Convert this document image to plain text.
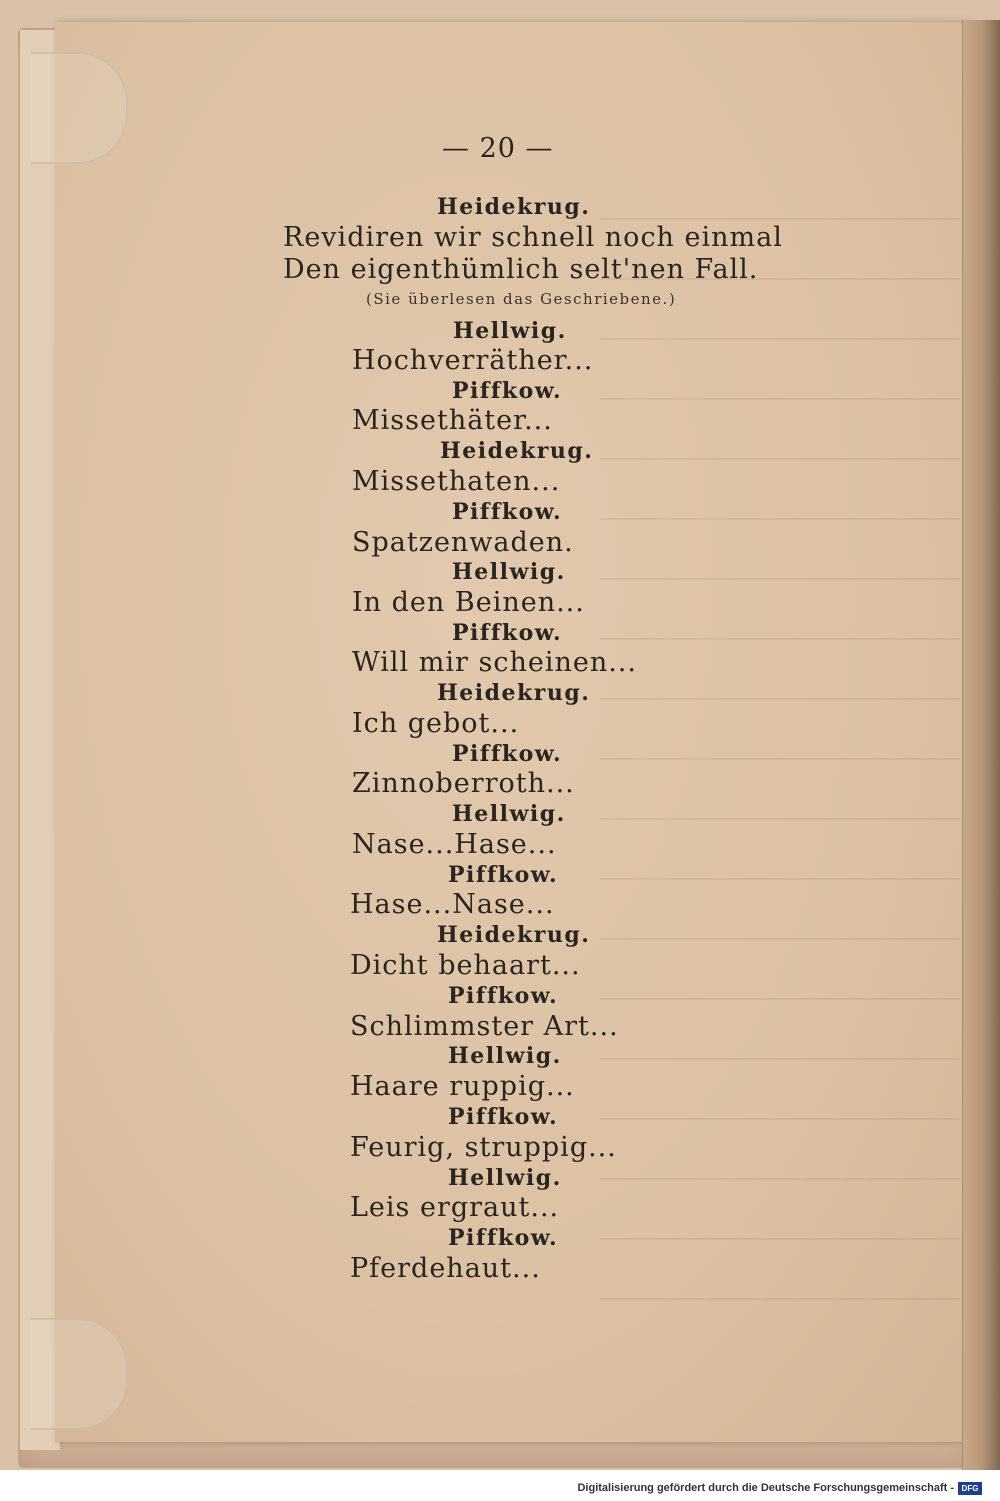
— 20 —
Heidekrug.
Revidiren wir schnell noch einmal
Den eigenthümlich selt'nen Fall.
(Sie überlesen das Geschriebene.)
Hellwig.
Hochverräther...
Piffkow.
Missethäter...
Heidekrug.
Missethaten...
Piffkow.
Spatzenwaden.
Hellwig.
In den Beinen...
Piffkow.
Will mir scheinen...
Heidekrug.
Ich gebot...
Piffkow.
Zinnoberroth...
Hellwig.
Nase...Hase...
Piffkow.
Hase...Nase...
Heidekrug.
Dicht behaart...
Piffkow.
Schlimmster Art...
Hellwig.
Haare ruppig...
Piffkow.
Feurig, struppig...
Hellwig.
Leis ergraut...
Piffkow.
Pferdehaut...
Digitalisierung gefördert durch die Deutsche Forschungsgemeinschaft - DFG
